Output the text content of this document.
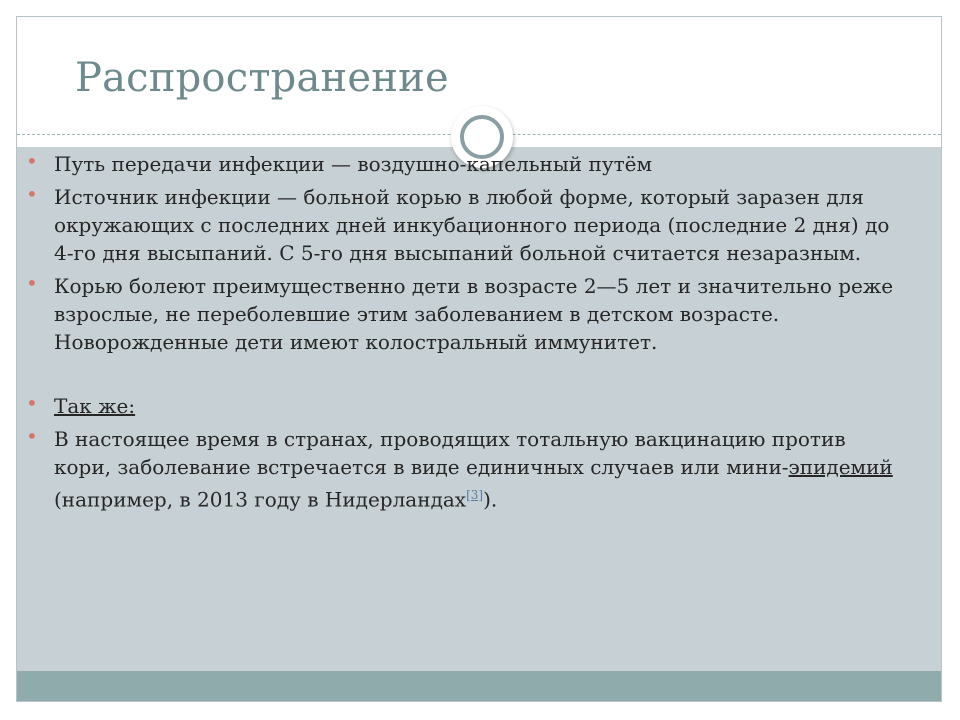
Распространение
• Путь передачи инфекции — воздушно-капельный путём
• Источник инфекции — больной корью в любой форме, который заразен для окружающих с последних дней инкубационного периода (последние 2 дня) до 4-го дня высыпаний. С 5-го дня высыпаний больной считается незаразным.
• Корью болеют преимущественно дети в возрасте 2—5 лет и значительно реже взрослые, не переболевшие этим заболеванием в детском возрасте. Новорожденные дети имеют колостральный иммунитет.
• Так же:
• В настоящее время в странах, проводящих тотальную вакцинацию против кори, заболевание встречается в виде единичных случаев или мини-эпидемий (например, в 2013 году в Нидерландах[3]).
